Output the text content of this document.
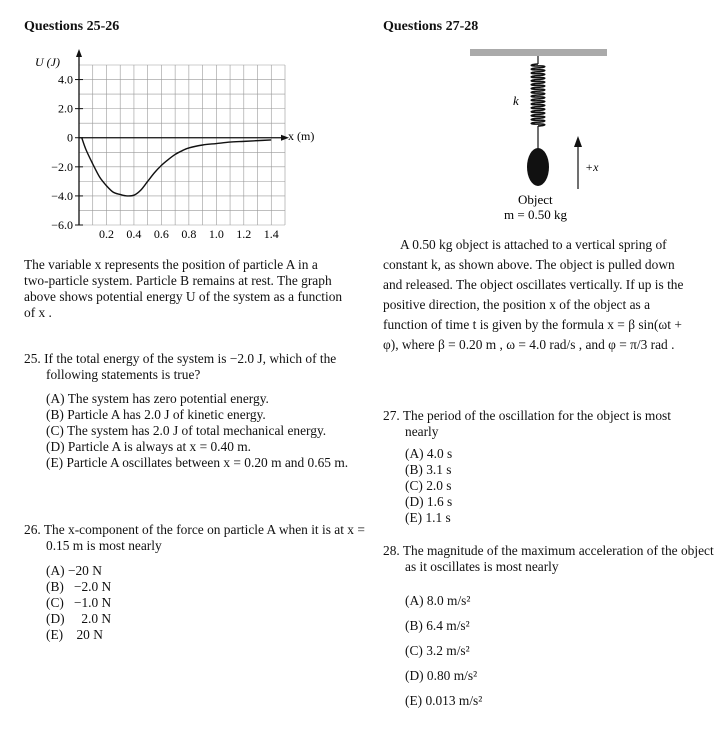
Questions 25-26
U (J)
x (m)
4.0
2.0
0
−2.0
−4.0
−6.0
0.2 0.4 0.6 0.8 1.0 1.2 1.4
The variable x represents the position of particle A in a two-particle system. Particle B remains at rest. The graph above shows potential energy U of the system as a function of x .
25. If the total energy of the system is −2.0 J, which of the following statements is true?
(A) The system has zero potential energy.
(B) Particle A has 2.0 J of kinetic energy.
(C) The system has 2.0 J of total mechanical energy.
(D) Particle A is always at x = 0.40 m.
(E) Particle A oscillates between x = 0.20 m and 0.65 m.
26. The x-component of the force on particle A when it is at x = 0.15 m is most nearly
(A) −20 N
(B)   −2.0 N
(C)   −1.0 N
(D)     2.0 N
(E)    20 N
Questions 27-28
k
+x
Object
m = 0.50 kg
A 0.50 kg object is attached to a vertical spring of constant k, as shown above. The object is pulled down and released. The object oscillates vertically. If up is the positive direction, the position x of the object as a function of time t is given by the formula x = β sin(ωt + φ), where β = 0.20 m , ω = 4.0 rad/s , and φ = π/3 rad .
27. The period of the oscillation for the object is most nearly
(A) 4.0 s
(B) 3.1 s
(C) 2.0 s
(D) 1.6 s
(E) 1.1 s
28. The magnitude of the maximum acceleration of the object as it oscillates is most nearly
(A) 8.0 m/s²
(B) 6.4 m/s²
(C) 3.2 m/s²
(D) 0.80 m/s²
(E) 0.013 m/s²
